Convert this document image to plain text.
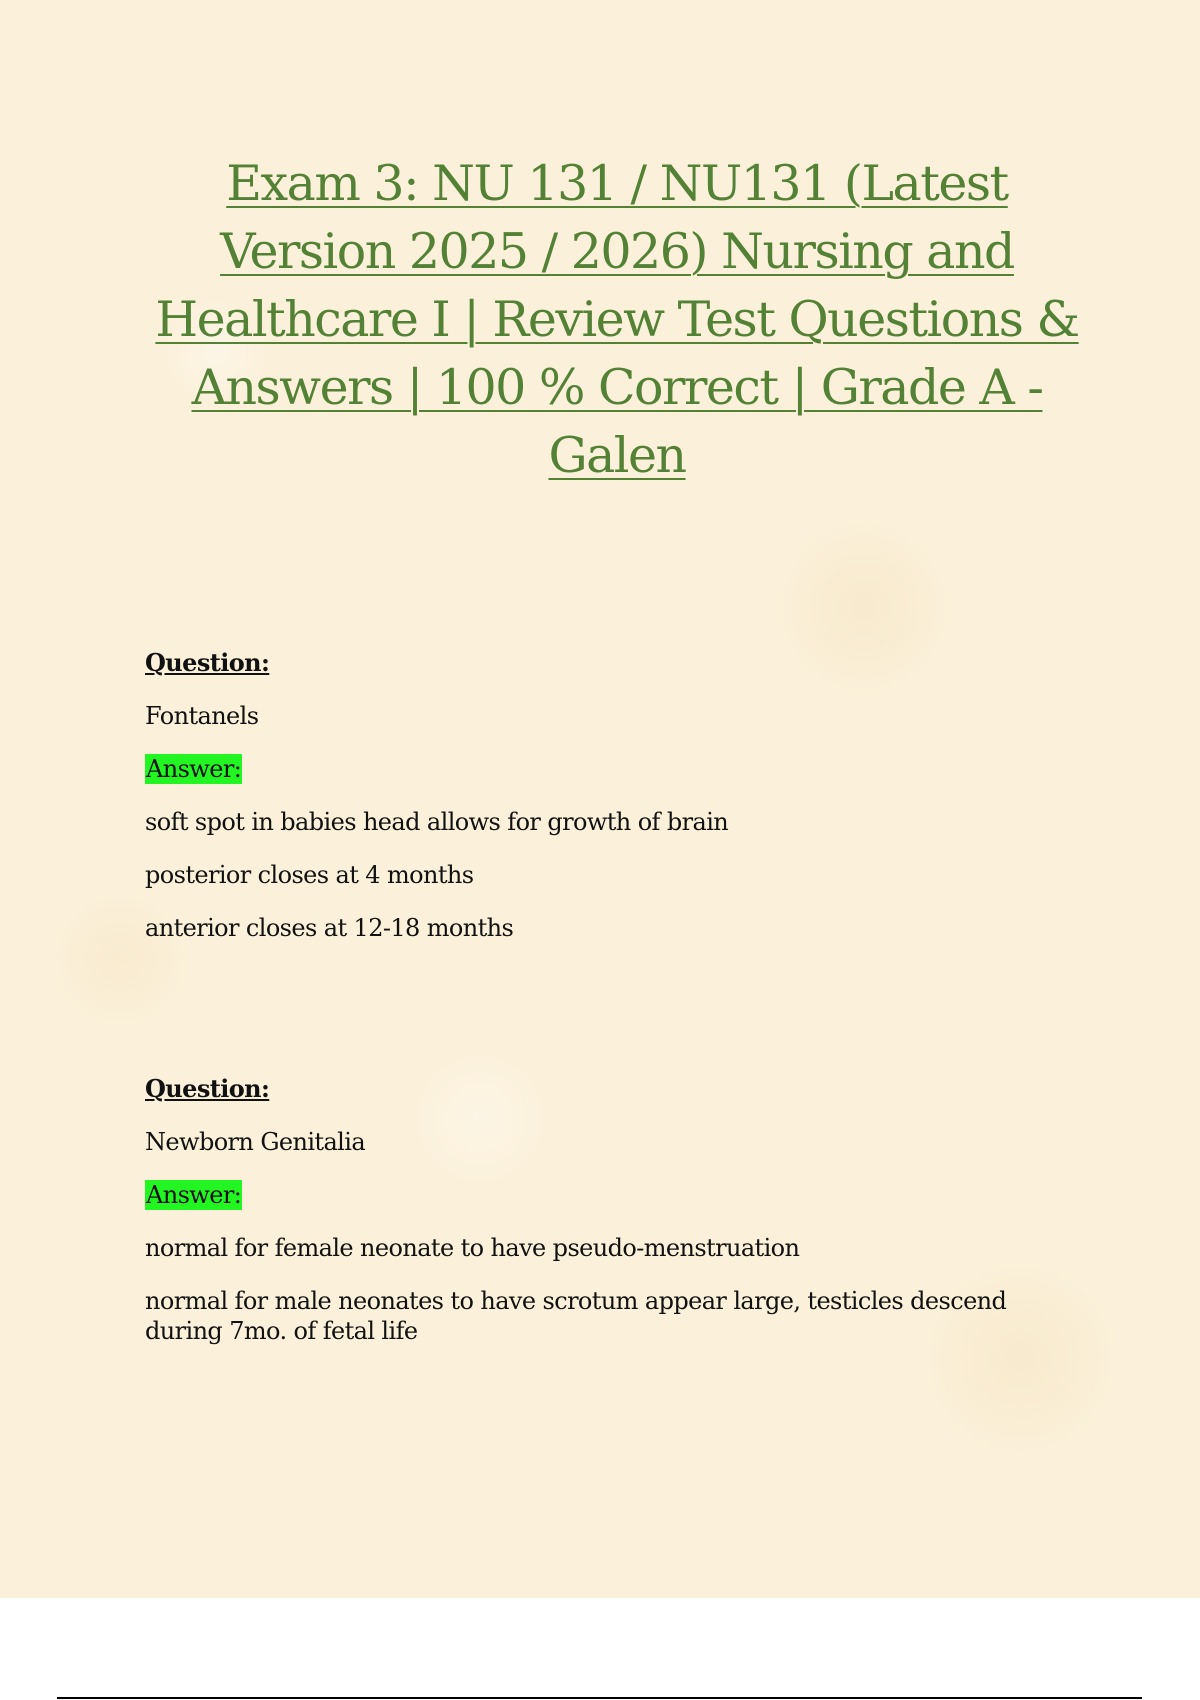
Exam 3: NU 131 / NU131 (Latest Version 2025 / 2026) Nursing and Healthcare I | Review Test Questions & Answers | 100 % Correct | Grade A - Galen

Question:

Fontanels

Answer:

soft spot in babies head allows for growth of brain

posterior closes at 4 months

anterior closes at 12-18 months

Question:

Newborn Genitalia

Answer:

normal for female neonate to have pseudo-menstruation

normal for male neonates to have scrotum appear large, testicles descend during 7mo. of fetal life
